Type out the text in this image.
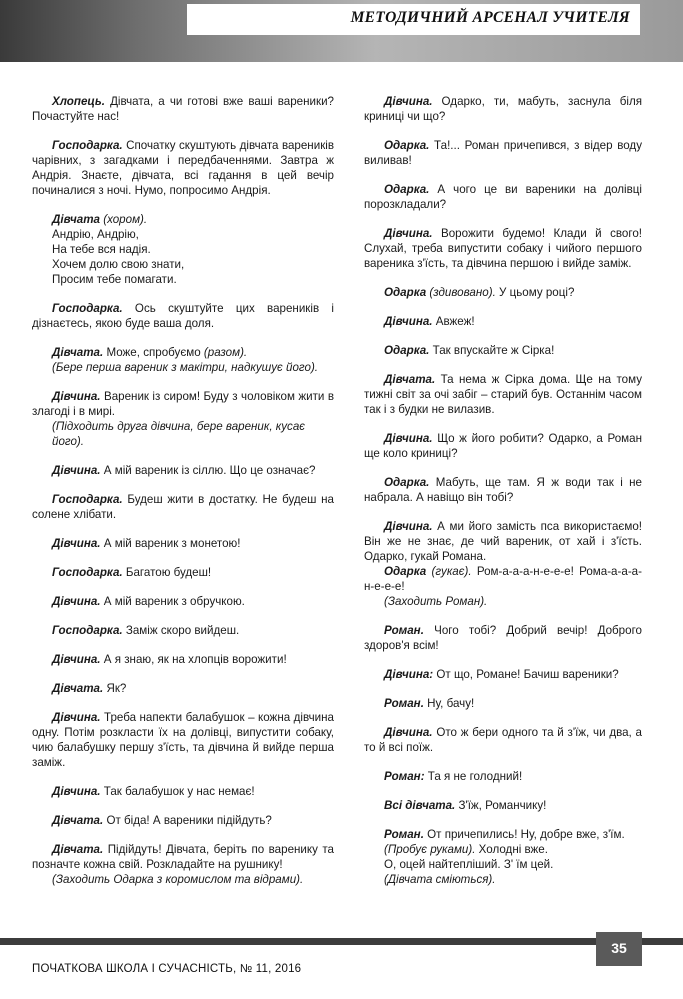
МЕТОДИЧНИЙ АРСЕНАЛ УЧИТЕЛЯ

Хлопець. Дівчата, а чи готові вже ваші вареники? Почастуйте нас!

Господарка. Спочатку скуштують дівчата вареників чарівних, з загадками і передбаченнями. Завтра ж Андрія. Знаєте, дівчата, всі гадання в цей вечір починалися з ночі. Нумо, попросимо Андрія.

Дівчата (хором).

Андрію, Андрію,
На тебе вся надія.
Хочем долю свою знати,
Просим тебе помагати.

Господарка. Ось скуштуйте цих вареників і дізнаєтесь, якою буде ваша доля.

Дівчата. Може, спробуємо (разом).

(Бере перша вареник з макітри, надкушує його).

Дівчина. Вареник із сиром! Буду з чоловіком жити в злагоді і в мирі.

(Підходить друга дівчина, бере вареник, кусає його).

Дівчина. А мій вареник із сіллю. Що це означає?

Господарка. Будеш жити в достатку. Не будеш на солене хлібати.

Дівчина. А мій вареник з монетою!

Господарка. Багатою будеш!

Дівчина. А мій вареник з обручкою.

Господарка. Заміж скоро вийдеш.

Дівчина. А я знаю, як на хлопців ворожити!

Дівчата. Як?

Дівчина. Треба напекти балабушок – кожна дівчина одну. Потім розкласти їх на долівці, випустити собаку, чию балабушку першу з'їсть, та дівчина й вийде перша заміж.

Дівчина. Так балабушок у нас немає!

Дівчата. От біда! А вареники підійдуть?

Дівчата. Підійдуть! Дівчата, беріть по варенику та позначте кожна свій. Розкладайте на рушнику!

(Заходить Одарка з коромислом та відрами).

Дівчина. Одарко, ти, мабуть, заснула біля криниці чи що?

Одарка. Та!... Роман причепився, з відер воду виливав!

Одарка. А чого це ви вареники на долівці порозкладали?

Дівчина. Ворожити будемо! Клади й свого! Слухай, треба випустити собаку і чийого першого вареника з'їсть, та дівчина першою і вийде заміж.

Одарка (здивовано). У цьому році?

Дівчина. Авжеж!

Одарка. Так впускайте ж Сірка!

Дівчата. Та нема ж Сірка дома. Ще на тому тижні світ за очі забіг – старий був. Останнім часом так і з будки не вилазив.

Дівчина. Що ж його робити? Одарко, а Роман ще коло криниці?

Одарка. Мабуть, ще там. Я ж води так і не набрала. А навіщо він тобі?

Дівчина. А ми його замість пса використаємо! Він же не знає, де чий вареник, от хай і з'їсть. Одарко, гукай Романа.

Одарка (гукає). Ром-а-а-а-н-е-е-е! Рома-а-а-а-н-е-е-е!

(Заходить Роман).

Роман. Чого тобі? Добрий вечір! Доброго здоров'я всім!

Дівчина: От що, Романе! Бачиш вареники?

Роман. Ну, бачу!

Дівчина. Ото ж бери одного та й з'їж, чи два, а то й всі поїж.

Роман: Та я не голодний!

Всі дівчата. З'їж, Романчику!

Роман. От причепились! Ну, добре вже, з'їм.

(Пробує руками). Холодні вже.
О, оцей найтепліший. З' їм цей.
(Дівчата сміються).
35
ПОЧАТКОВА ШКОЛА І СУЧАСНІСТЬ, № 11, 2016
